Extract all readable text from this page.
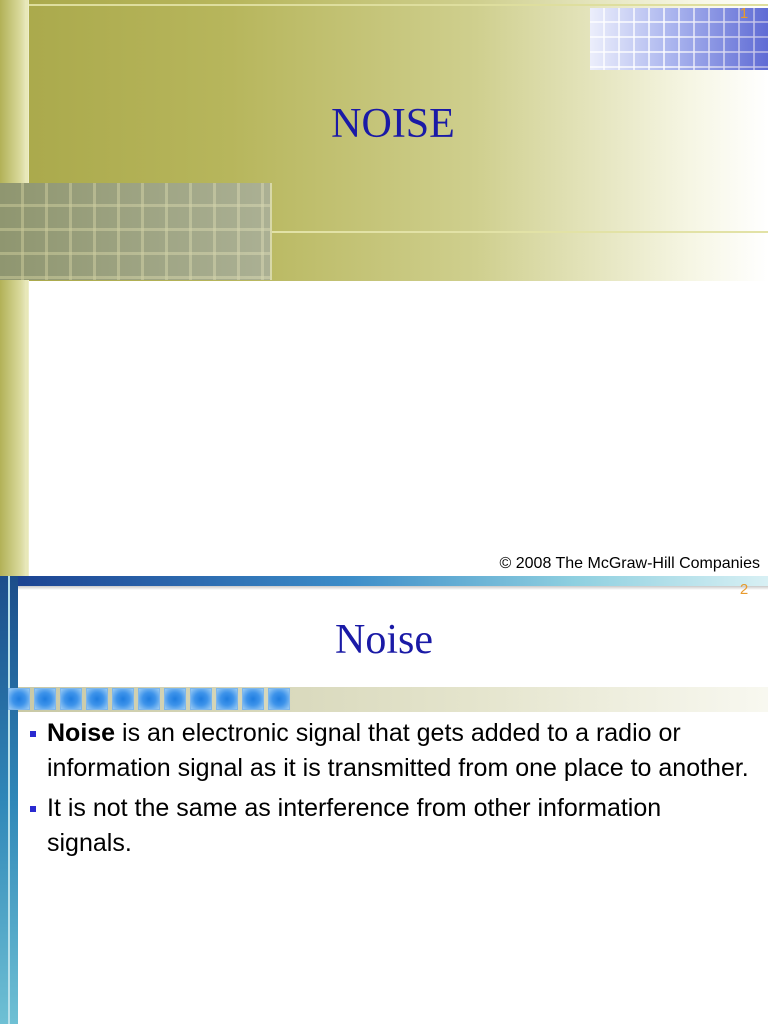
1
NOISE
© 2008 The McGraw-Hill Companies
2
Noise
Noise is an electronic signal that gets added to a radio or information signal as it is transmitted from one place to another.
It is not the same as interference from other information signals.
